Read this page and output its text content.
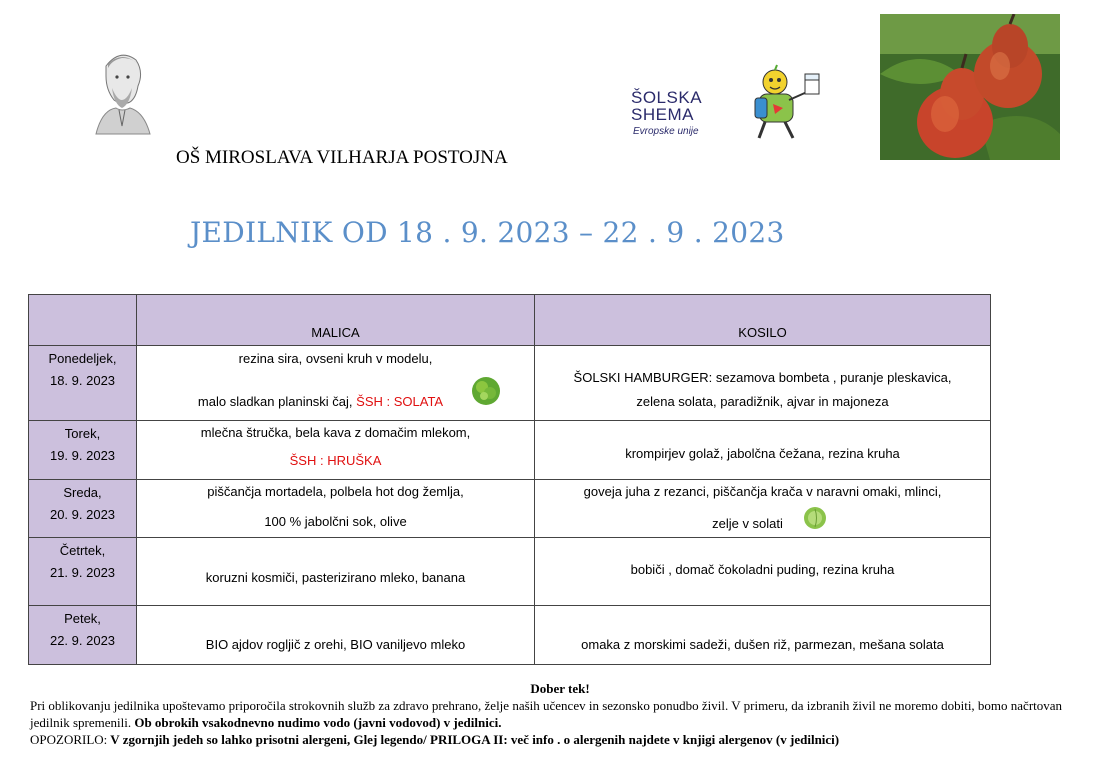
OŠ MIROSLAVA VILHARJA POSTOJNA
ŠOLSKA
SHEMA
Evropske unije
JEDILNIK OD 18 . 9. 2023 – 22 . 9 . 2023
	MALICA	KOSILO

Ponedeljek,
18. 9. 2023	rezina sira, ovseni kruh v modelu,
malo sladkan planinski čaj, ŠSH : SOLATA	ŠOLSKI HAMBURGER: sezamova bombeta , puranje pleskavica,
zelena solata, paradižnik, ajvar in majoneza

Torek,
19. 9. 2023	mlečna štručka, bela kava z domačim mlekom,
ŠSH : HRUŠKA	krompirjev golaž, jabolčna čežana, rezina kruha

Sreda,
20. 9. 2023	piščančja mortadela, polbela hot dog žemlja,
100 % jabolčni sok, olive	goveja juha z rezanci, piščančja krača v naravni omaki, mlinci,
zelje v solati

Četrtek,
21. 9. 2023	koruzni kosmiči, pasterizirano mleko, banana	bobiči , domač čokoladni puding, rezina kruha

Petek,
22. 9. 2023	BIO ajdov rogljič z orehi, BIO vaniljevo mleko	omaka z morskimi sadeži, dušen riž, parmezan, mešana solata
Dober tek!
Pri oblikovanju jedilnika upoštevamo priporočila strokovnih služb za zdravo prehrano, želje naših učencev in sezonsko ponudbo živil. V primeru, da izbranih živil ne moremo dobiti, bomo načrtovan jedilnik spremenili. Ob obrokih vsakodnevno nudimo vodo (javni vodovod) v jedilnici.
OPOZORILO: V zgornjih jedeh so lahko prisotni alergeni, Glej legendo/ PRILOGA II: več info . o alergenih najdete v knjigi alergenov (v jedilnici)
